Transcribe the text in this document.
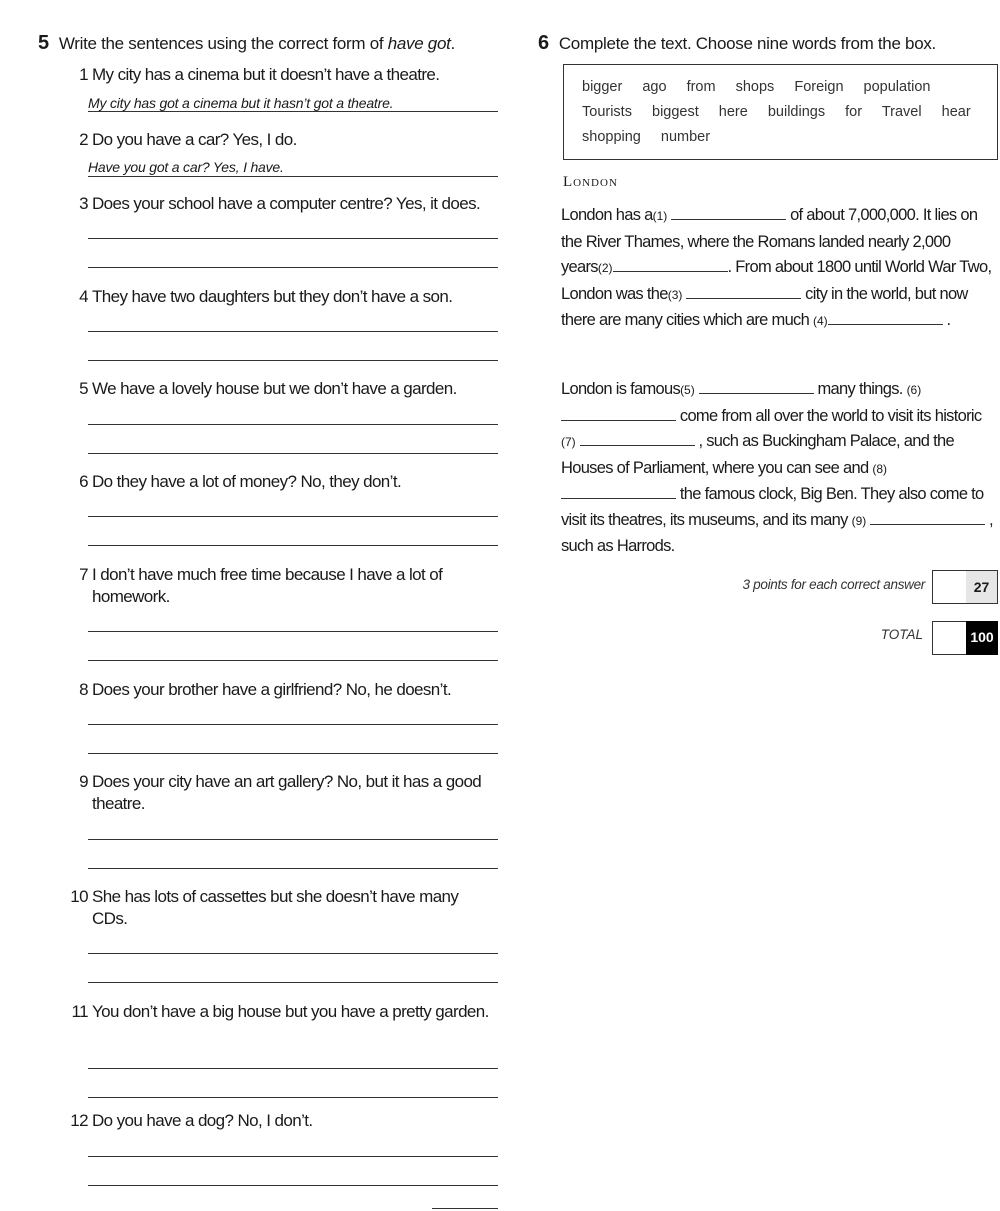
5 Write the sentences using the correct form of have got.
1 My city has a cinema but it doesn’t have a theatre.
My city has got a cinema but it hasn’t got a theatre.
2 Do you have a car? Yes, I do.
Have you got a car? Yes, I have.
3 Does your school have a computer centre? Yes, it does.
4 They have two daughters but they don’t have a son.
5 We have a lovely house but we don’t have a garden.
6 Do they have a lot of money? No, they don’t.
7 I don’t have much free time because I have a lot of homework.
8 Does your brother have a girlfriend? No, he doesn’t.
9 Does your city have an art gallery? No, but it has a good theatre.
10 She has lots of cassettes but she doesn’t have many CDs.
11 You don’t have a big house but you have a pretty garden.
12 Do you have a dog? No, I don’t.
6 Complete the text. Choose nine words from the box.
bigger ago from shops Foreign population
Tourists biggest here buildings for Travel hear
shopping number
London
London has a(1)	of about 7,000,000. It lies on the River Thames, where the Romans landed nearly 2,000 years(2)	. From about 1800 until World War Two, London was the(3)	city in the world, but now there are many cities which are much (4)	.
London is famous(5)	many things. (6)  come from all over the world to visit its historic (7)	, such as Buckingham Palace, and the Houses of Parliament, where you can see and (8)  the famous clock, Big Ben. They also come to visit its theatres, its museums, and its many (9)	, such as Harrods.
3 points for each correct answer	27
TOTAL	100
